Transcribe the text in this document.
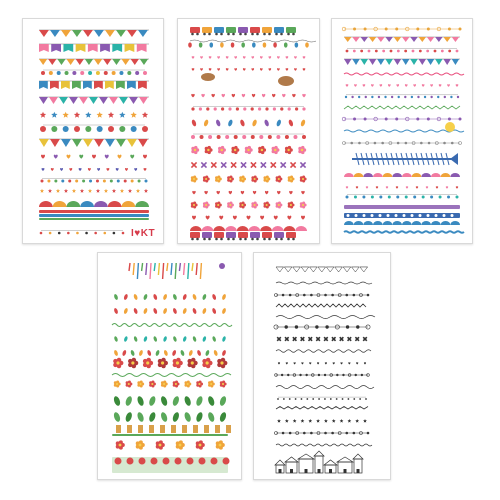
I♥KT
